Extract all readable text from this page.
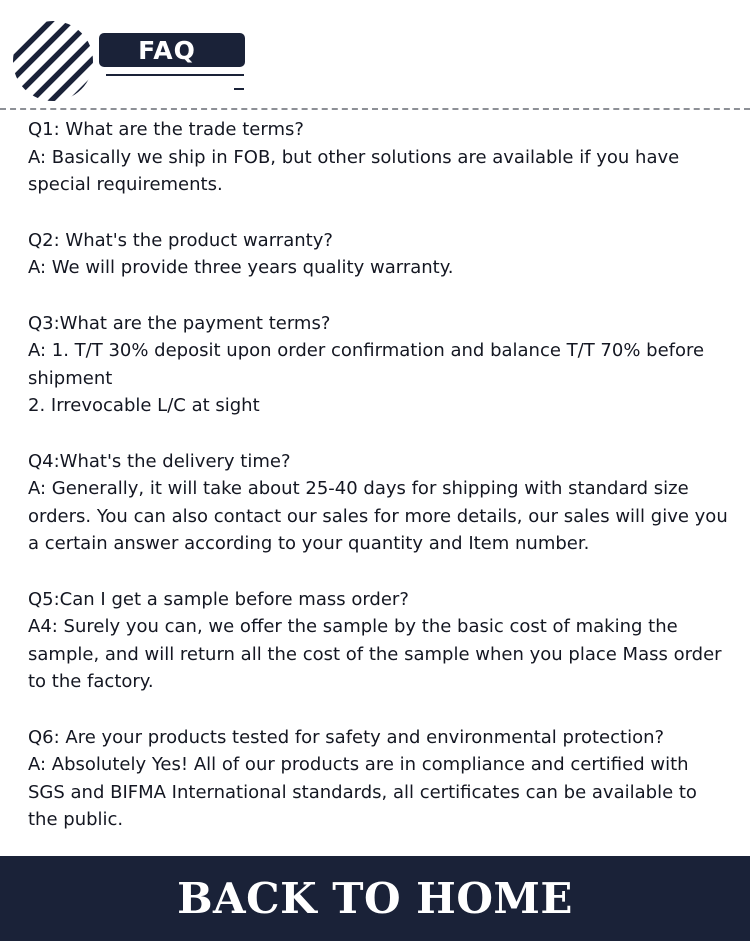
FAQ
Q1: What are the trade terms?
A: Basically we ship in FOB, but other solutions are available if you have special requirements.
Q2: What's the product warranty?
A: We will provide three years quality warranty.
Q3:What are the payment terms?
A: 1. T/T 30% deposit upon order confirmation and balance T/T 70% before shipment
2. Irrevocable L/C at sight
Q4:What's the delivery time?
A: Generally, it will take about 25-40 days for shipping with standard size orders. You can also contact our sales for more details, our sales will give you a certain answer according to your quantity and Item number.
Q5:Can I get a sample before mass order?
A4: Surely you can, we offer the sample by the basic cost of making the sample, and will return all the cost of the sample when you place Mass order to the factory.
Q6: Are your products tested for safety and environmental protection?
A: Absolutely Yes! All of our products are in compliance and certified with SGS and BIFMA International standards, all certificates can be available to the public.
BACK TO HOME
